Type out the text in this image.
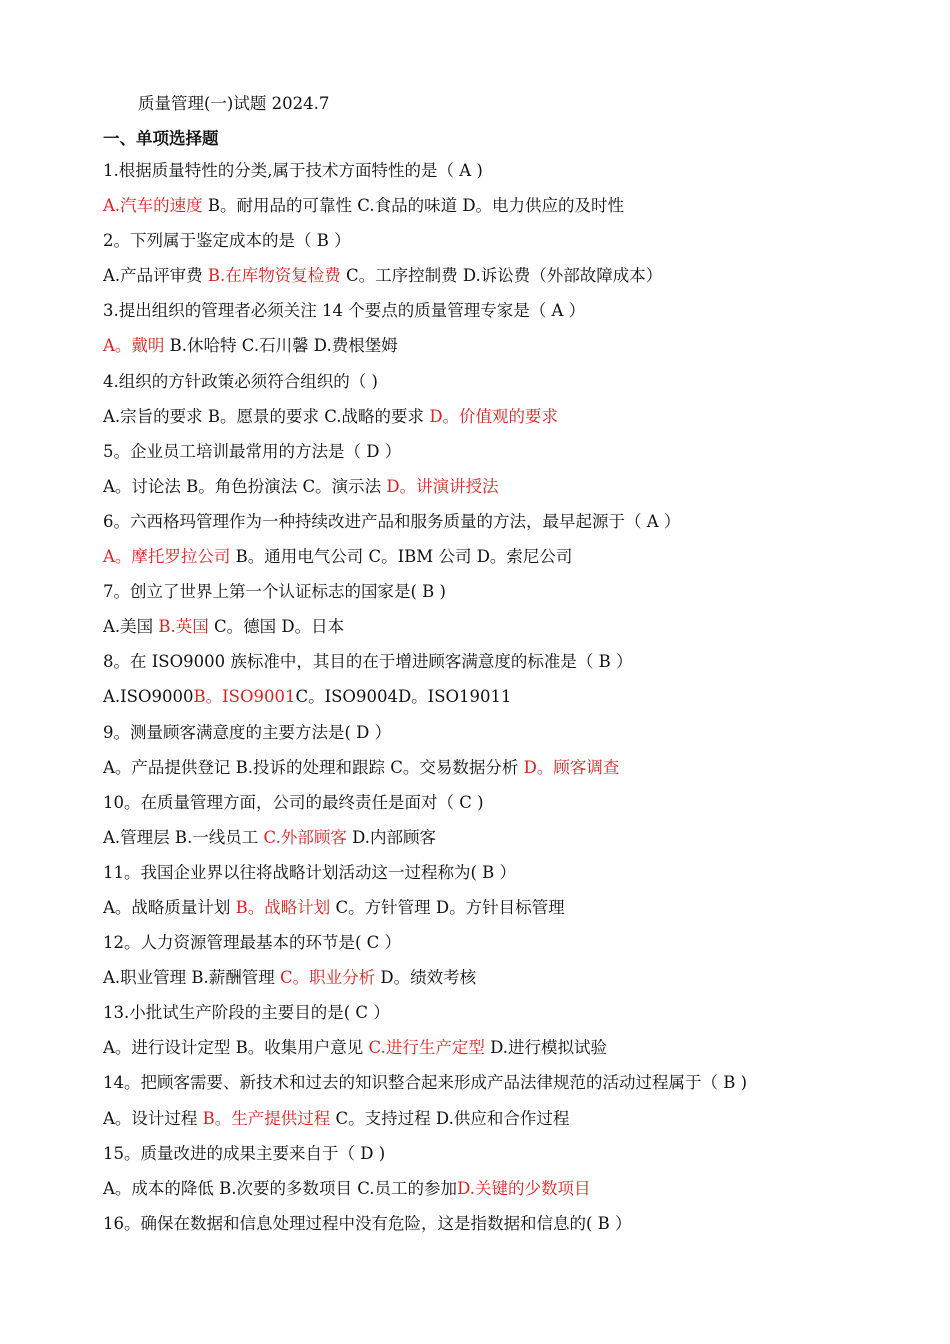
质量管理(一)试题 2024.7
一、单项选择题
1.根据质量特性的分类,属于技术方面特性的是（ A )
A.汽车的速度 B。耐用品的可靠性 C.食品的味道 D。电力供应的及时性
2。下列属于鉴定成本的是（ B ）
A.产品评审费 B.在库物资复检费 C。工序控制费 D.诉讼费（外部故障成本）
3.提出组织的管理者必须关注 14 个要点的质量管理专家是（ A ）
A。戴明 B.休哈特 C.石川馨 D.费根堡姆
4.组织的方针政策必须符合组织的（ )
A.宗旨的要求 B。愿景的要求 C.战略的要求 D。价值观的要求
5。企业员工培训最常用的方法是（ D ）
A。讨论法 B。角色扮演法 C。演示法 D。讲演讲授法
6。六西格玛管理作为一种持续改进产品和服务质量的方法，最早起源于（ A ）
A。摩托罗拉公司 B。通用电气公司 C。IBM 公司 D。索尼公司
7。创立了世界上第一个认证标志的国家是( B )
A.美国 B.英国 C。德国 D。日本
8。在 ISO9000 族标准中，其目的在于增进顾客满意度的标准是（ B ）
A.ISO9000B。ISO9001C。ISO9004D。ISO19011
9。测量顾客满意度的主要方法是( D ）
A。产品提供登记 B.投诉的处理和跟踪 C。交易数据分析 D。顾客调查
10。在质量管理方面，公司的最终责任是面对（ C )
A.管理层 B.一线员工 C.外部顾客 D.内部顾客
11。我国企业界以往将战略计划活动这一过程称为( B ）
A。战略质量计划 B。战略计划 C。方针管理 D。方针目标管理
12。人力资源管理最基本的环节是( C ）
A.职业管理 B.薪酬管理 C。职业分析 D。绩效考核
13.小批试生产阶段的主要目的是( C ）
A。进行设计定型 B。收集用户意见 C.进行生产定型 D.进行模拟试验
14。把顾客需要、新技术和过去的知识整合起来形成产品法律规范的活动过程属于（ B )
A。设计过程 B。生产提供过程 C。支持过程 D.供应和合作过程
15。质量改进的成果主要来自于（ D )
A。成本的降低 B.次要的多数项目 C.员工的参加D.关键的少数项目
16。确保在数据和信息处理过程中没有危险，这是指数据和信息的( B ）
